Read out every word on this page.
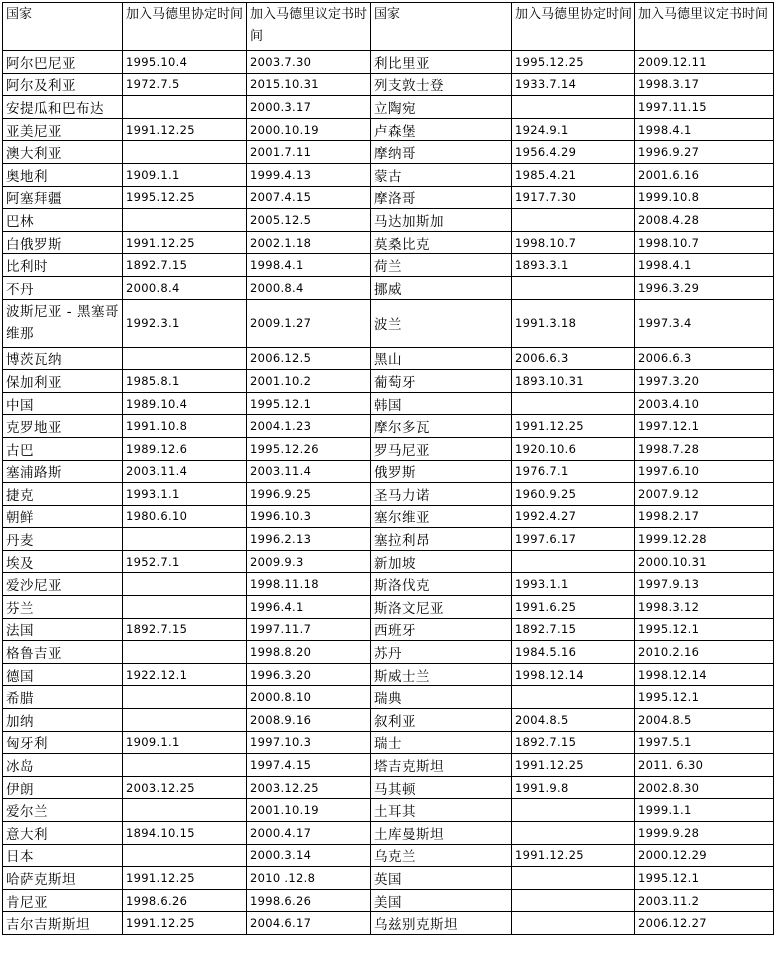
国家	加入马德里协定时间	加入马德里议定书时间	国家	加入马德里协定时间	加入马德里议定书时间
阿尔巴尼亚	1995.10.4	2003.7.30	利比里亚	1995.12.25	2009.12.11
阿尔及利亚	1972.7.5	2015.10.31	列支敦士登	1933.7.14	1998.3.17
安提瓜和巴布达		2000.3.17	立陶宛		1997.11.15
亚美尼亚	1991.12.25	2000.10.19	卢森堡	1924.9.1	1998.4.1
澳大利亚		2001.7.11	摩纳哥	1956.4.29	1996.9.27
奥地利	1909.1.1	1999.4.13	蒙古	1985.4.21	2001.6.16
阿塞拜疆	1995.12.25	2007.4.15	摩洛哥	1917.7.30	1999.10.8
巴林		2005.12.5	马达加斯加		2008.4.28
白俄罗斯	1991.12.25	2002.1.18	莫桑比克	1998.10.7	1998.10.7
比利时	1892.7.15	1998.4.1	荷兰	1893.3.1	1998.4.1
不丹	2000.8.4	2000.8.4	挪威		1996.3.29
波斯尼亚 - 黑塞哥维那	1992.3.1	2009.1.27	波兰	1991.3.18	1997.3.4
博茨瓦纳		2006.12.5	黑山	2006.6.3	2006.6.3
保加利亚	1985.8.1	2001.10.2	葡萄牙	1893.10.31	1997.3.20
中国	1989.10.4	1995.12.1	韩国		2003.4.10
克罗地亚	1991.10.8	2004.1.23	摩尔多瓦	1991.12.25	1997.12.1
古巴	1989.12.6	1995.12.26	罗马尼亚	1920.10.6	1998.7.28
塞浦路斯	2003.11.4	2003.11.4	俄罗斯	1976.7.1	1997.6.10
捷克	1993.1.1	1996.9.25	圣马力诺	1960.9.25	2007.9.12
朝鲜	1980.6.10	1996.10.3	塞尔维亚	1992.4.27	1998.2.17
丹麦		1996.2.13	塞拉利昂	1997.6.17	1999.12.28
埃及	1952.7.1	2009.9.3	新加坡		2000.10.31
爱沙尼亚		1998.11.18	斯洛伐克	1993.1.1	1997.9.13
芬兰		1996.4.1	斯洛文尼亚	1991.6.25	1998.3.12
法国	1892.7.15	1997.11.7	西班牙	1892.7.15	1995.12.1
格鲁吉亚		1998.8.20	苏丹	1984.5.16	2010.2.16
德国	1922.12.1	1996.3.20	斯威士兰	1998.12.14	1998.12.14
希腊		2000.8.10	瑞典		1995.12.1
加纳		2008.9.16	叙利亚	2004.8.5	2004.8.5
匈牙利	1909.1.1	1997.10.3	瑞士	1892.7.15	1997.5.1
冰岛		1997.4.15	塔吉克斯坦	1991.12.25	2011. 6.30
伊朗	2003.12.25	2003.12.25	马其顿	1991.9.8	2002.8.30
爱尔兰		2001.10.19	土耳其		1999.1.1
意大利	1894.10.15	2000.4.17	土库曼斯坦		1999.9.28
日本		2000.3.14	乌克兰	1991.12.25	2000.12.29
哈萨克斯坦	1991.12.25	2010 .12.8	英国		1995.12.1
肯尼亚	1998.6.26	1998.6.26	美国		2003.11.2
吉尔吉斯斯坦	1991.12.25	2004.6.17	乌兹别克斯坦		2006.12.27
